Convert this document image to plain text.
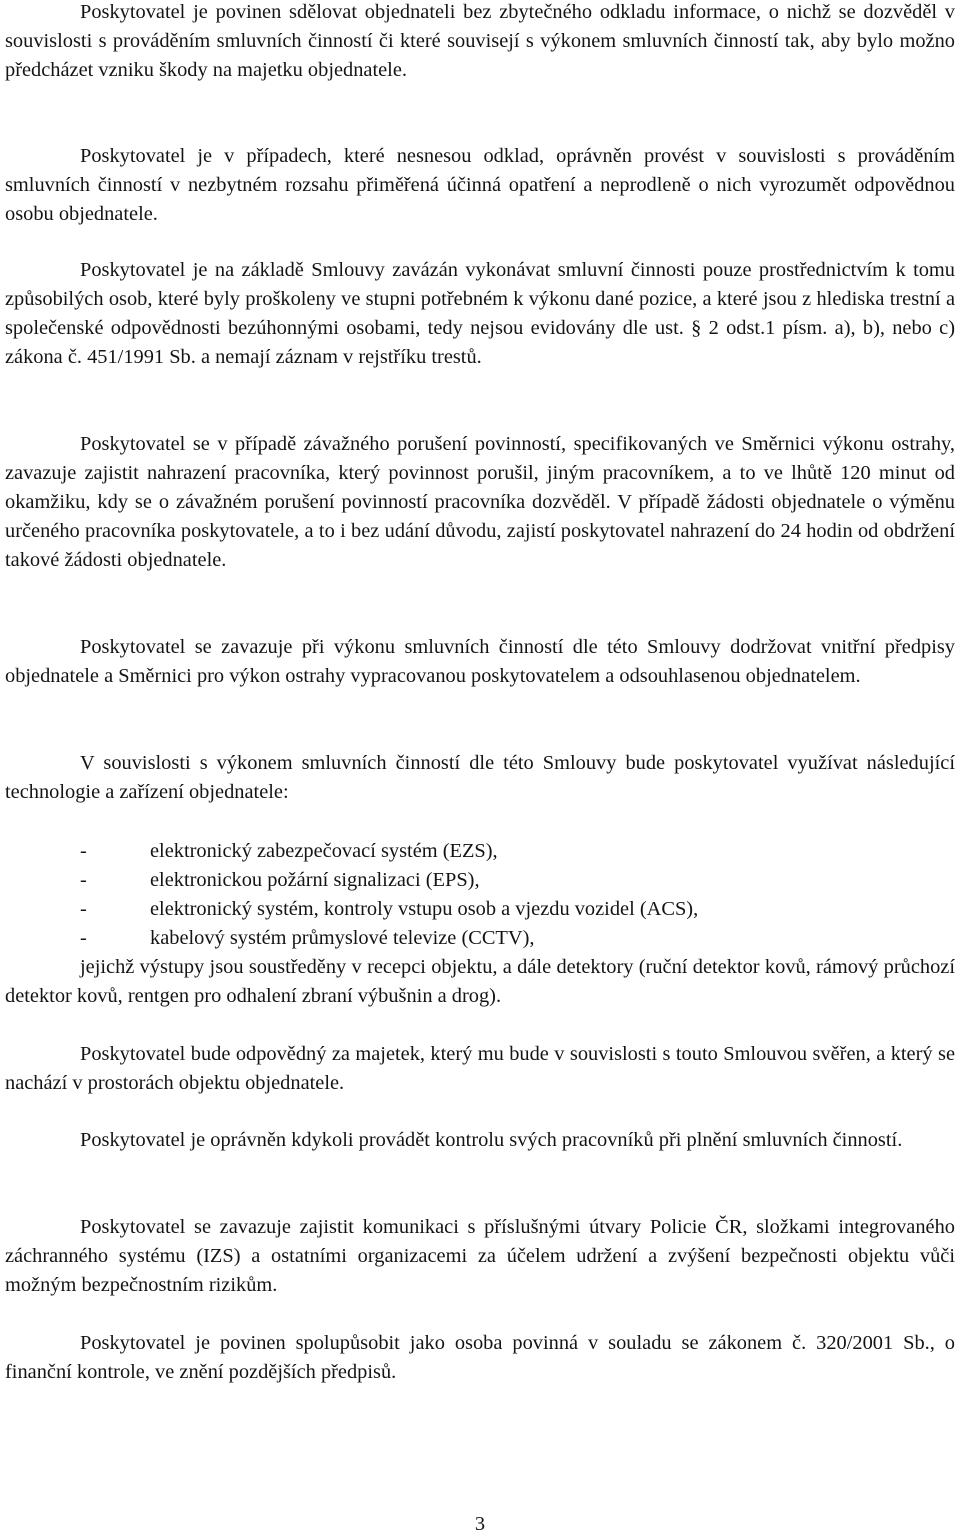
Poskytovatel je povinen sdělovat objednateli bez zbytečného odkladu informace, o nichž se dozvěděl v souvislosti s prováděním smluvních činností či které souvisejí s výkonem smluvních činností tak, aby bylo možno předcházet vzniku škody na majetku objednatele.

Poskytovatel je v případech, které nesnesou odklad, oprávněn provést v souvislosti s prováděním smluvních činností v nezbytném rozsahu přiměřená účinná opatření a neprodleně o nich vyrozumět odpovědnou osobu objednatele.

Poskytovatel je na základě Smlouvy zavázán vykonávat smluvní činnosti pouze prostřednictvím k tomu způsobilých osob, které byly proškoleny ve stupni potřebném k výkonu dané pozice, a které jsou z hlediska trestní a společenské odpovědnosti bezúhonnými osobami, tedy nejsou evidovány dle ust. § 2 odst.1 písm. a), b), nebo c) zákona č. 451/1991 Sb. a nemají záznam v rejstříku trestů.

Poskytovatel se v případě závažného porušení povinností, specifikovaných ve Směrnici výkonu ostrahy, zavazuje zajistit nahrazení pracovníka, který povinnost porušil, jiným pracovníkem, a to ve lhůtě 120 minut od okamžiku, kdy se o závažném porušení povinností pracovníka dozvěděl. V případě žádosti objednatele o výměnu určeného pracovníka poskytovatele, a to i bez udání důvodu, zajistí poskytovatel nahrazení do 24 hodin od obdržení takové žádosti objednatele.

Poskytovatel se zavazuje při výkonu smluvních činností dle této Smlouvy dodržovat vnitřní předpisy objednatele a Směrnici pro výkon ostrahy vypracovanou poskytovatelem a odsouhlasenou objednatelem.

V souvislosti s výkonem smluvních činností dle této Smlouvy bude poskytovatel využívat následující technologie a zařízení objednatele:

-	elektronický zabezpečovací systém (EZS),
-	elektronickou požární signalizaci (EPS),
-	elektronický systém, kontroly vstupu osob a vjezdu vozidel (ACS),
-	kabelový systém průmyslové televize (CCTV),

jejichž výstupy jsou soustředěny v recepci objektu, a dále detektory (ruční detektor kovů, rámový průchozí detektor kovů, rentgen pro odhalení zbraní výbušnin a drog).

Poskytovatel bude odpovědný za majetek, který mu bude v souvislosti s touto Smlouvou svěřen, a který se nachází v prostorách objektu objednatele.

Poskytovatel je oprávněn kdykoli provádět kontrolu svých pracovníků při plnění smluvních činností.

Poskytovatel se zavazuje zajistit komunikaci s příslušnými útvary Policie ČR, složkami integrovaného záchranného systému (IZS) a ostatními organizacemi za účelem udržení a zvýšení bezpečnosti objektu vůči možným bezpečnostním rizikům.

Poskytovatel je povinen spolupůsobit jako osoba povinná v souladu se zákonem č. 320/2001 Sb., o finanční kontrole, ve znění pozdějších předpisů.

3
